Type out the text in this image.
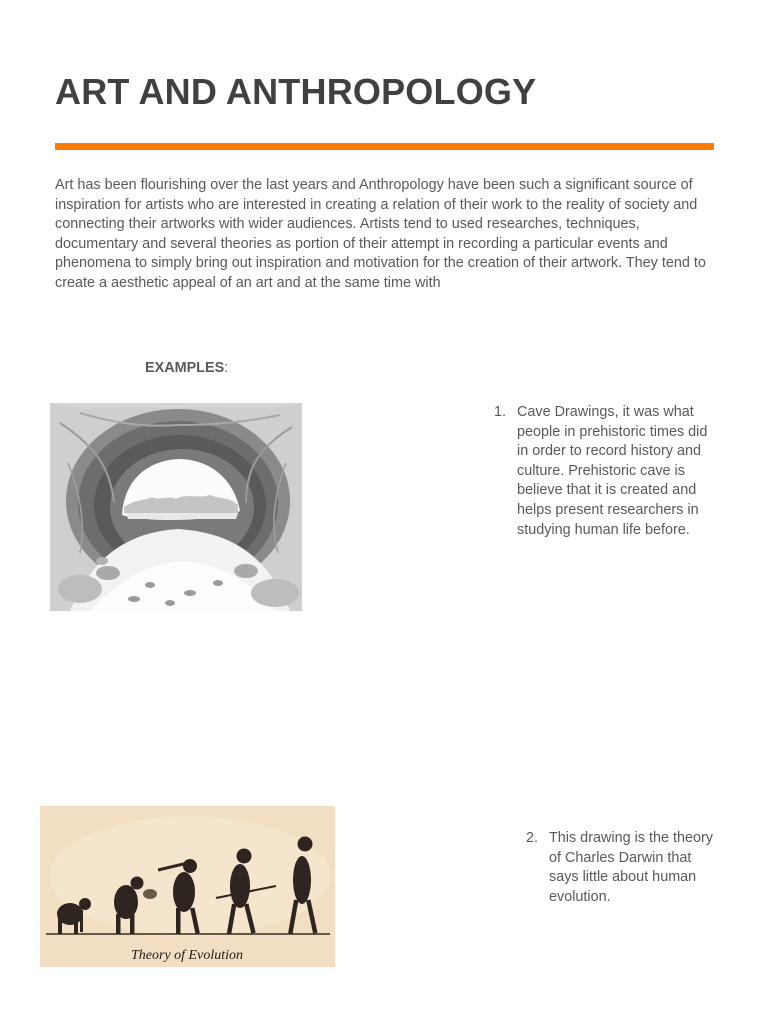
ART AND ANTHROPOLOGY

Art has been flourishing over the last years and Anthropology have been such a significant source of inspiration for artists who are interested in creating a relation of their work to the reality of society and connecting their artworks with wider audiences. Artists tend to used researches, techniques, documentary and several theories as portion of their attempt in recording a particular events and phenomena to simply bring out inspiration and motivation for the creation of their artwork. They tend to create a aesthetic appeal of an art and at the same time with

EXAMPLES:

1. Cave Drawings, it was what people in prehistoric times did in order to record history and culture. Prehistoric cave is believe that it is created and helps present researchers in studying human life before.
Theory of Evolution
2. This drawing is the theory of Charles Darwin that says little about human evolution.
